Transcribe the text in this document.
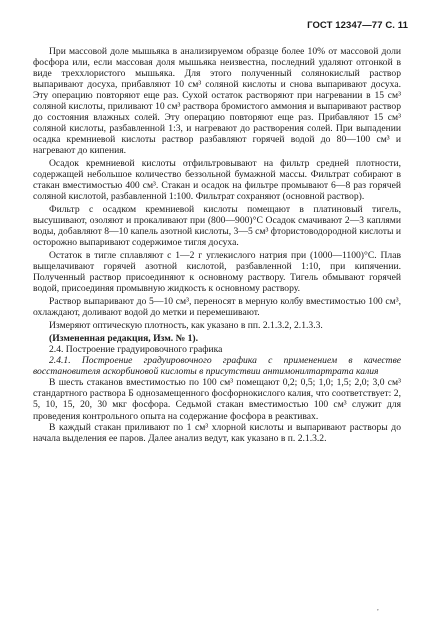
ГОСТ 12347—77 С. 11

При массовой доле мышьяка в анализируемом образце более 10% от массовой доли фосфора или, если массовая доля мышьяка неизвестна, последний удаляют отгонкой в виде треххлористого мышьяка. Для этого полученный солянокислый раствор выпаривают досуха, прибавляют 10 см³ соляной кислоты и снова выпаривают досуха. Эту операцию повторяют еще раз. Сухой остаток растворяют при нагревании в 15 см³ соляной кислоты, приливают 10 см³ раствора бромистого аммония и выпаривают раствор до состояния влажных солей. Эту операцию повторяют еще раз. Прибавляют 15 см³ соляной кислоты, разбавленной 1:3, и нагревают до растворения солей. При выпадении осадка кремниевой кислоты раствор разбавляют горячей водой до 80—100 см³ и нагревают до кипения.

Осадок кремниевой кислоты отфильтровывают на фильтр средней плотности, содержащей небольшое количество беззольной бумажной массы. Фильтрат собирают в стакан вместимостью 400 см³. Стакан и осадок на фильтре промывают 6—8 раз горячей соляной кислотой, разбавленной 1:100. Фильтрат сохраняют (основной раствор).

Фильтр с осадком кремниевой кислоты помещают в платиновый тигель, высушивают, озоляют и прокаливают при (800—900)°С Осадок смачивают 2—3 каплями воды, добавляют 8—10 капель азотной кислоты, 3—5 см³ фтористоводородной кислоты и осторожно выпаривают содержимое тигля досуха.

Остаток в тигле сплавляют с 1—2 г углекислого натрия при (1000—1100)°С. Плав выщелачивают горячей азотной кислотой, разбавленной 1:10, при кипячении. Полученный раствор присоединяют к основному раствору. Тигель обмывают горячей водой, присоединяя промывную жидкость к основному раствору.

Раствор выпаривают до 5—10 см³, переносят в мерную колбу вместимостью 100 см³, охлаждают, доливают водой до метки и перемешивают.

Измеряют оптическую плотность, как указано в пп. 2.1.3.2, 2.1.3.3.

(Измененная редакция, Изм. № 1).

2.4. Построение градуировочного графика

2.4.1. Построение градуировочного графика с применением в качестве восстановителя аскорбиновой кислоты в присутствии антимонилтартрата калия

В шесть стаканов вместимостью по 100 см³ помещают 0,2; 0,5; 1,0; 1,5; 2,0; 3,0 см³ стандартного раствора Б однозамещенного фосфорнокислого калия, что соответствует: 2, 5, 10, 15, 20, 30 мкг фосфора. Седьмой стакан вместимостью 100 см³ служит для проведения контрольного опыта на содержание фосфора в реактивах.

В каждый стакан приливают по 1 см³ хлорной кислоты и выпаривают растворы до начала выделения ее паров. Далее анализ ведут, как указано в п. 2.1.3.2.

,
